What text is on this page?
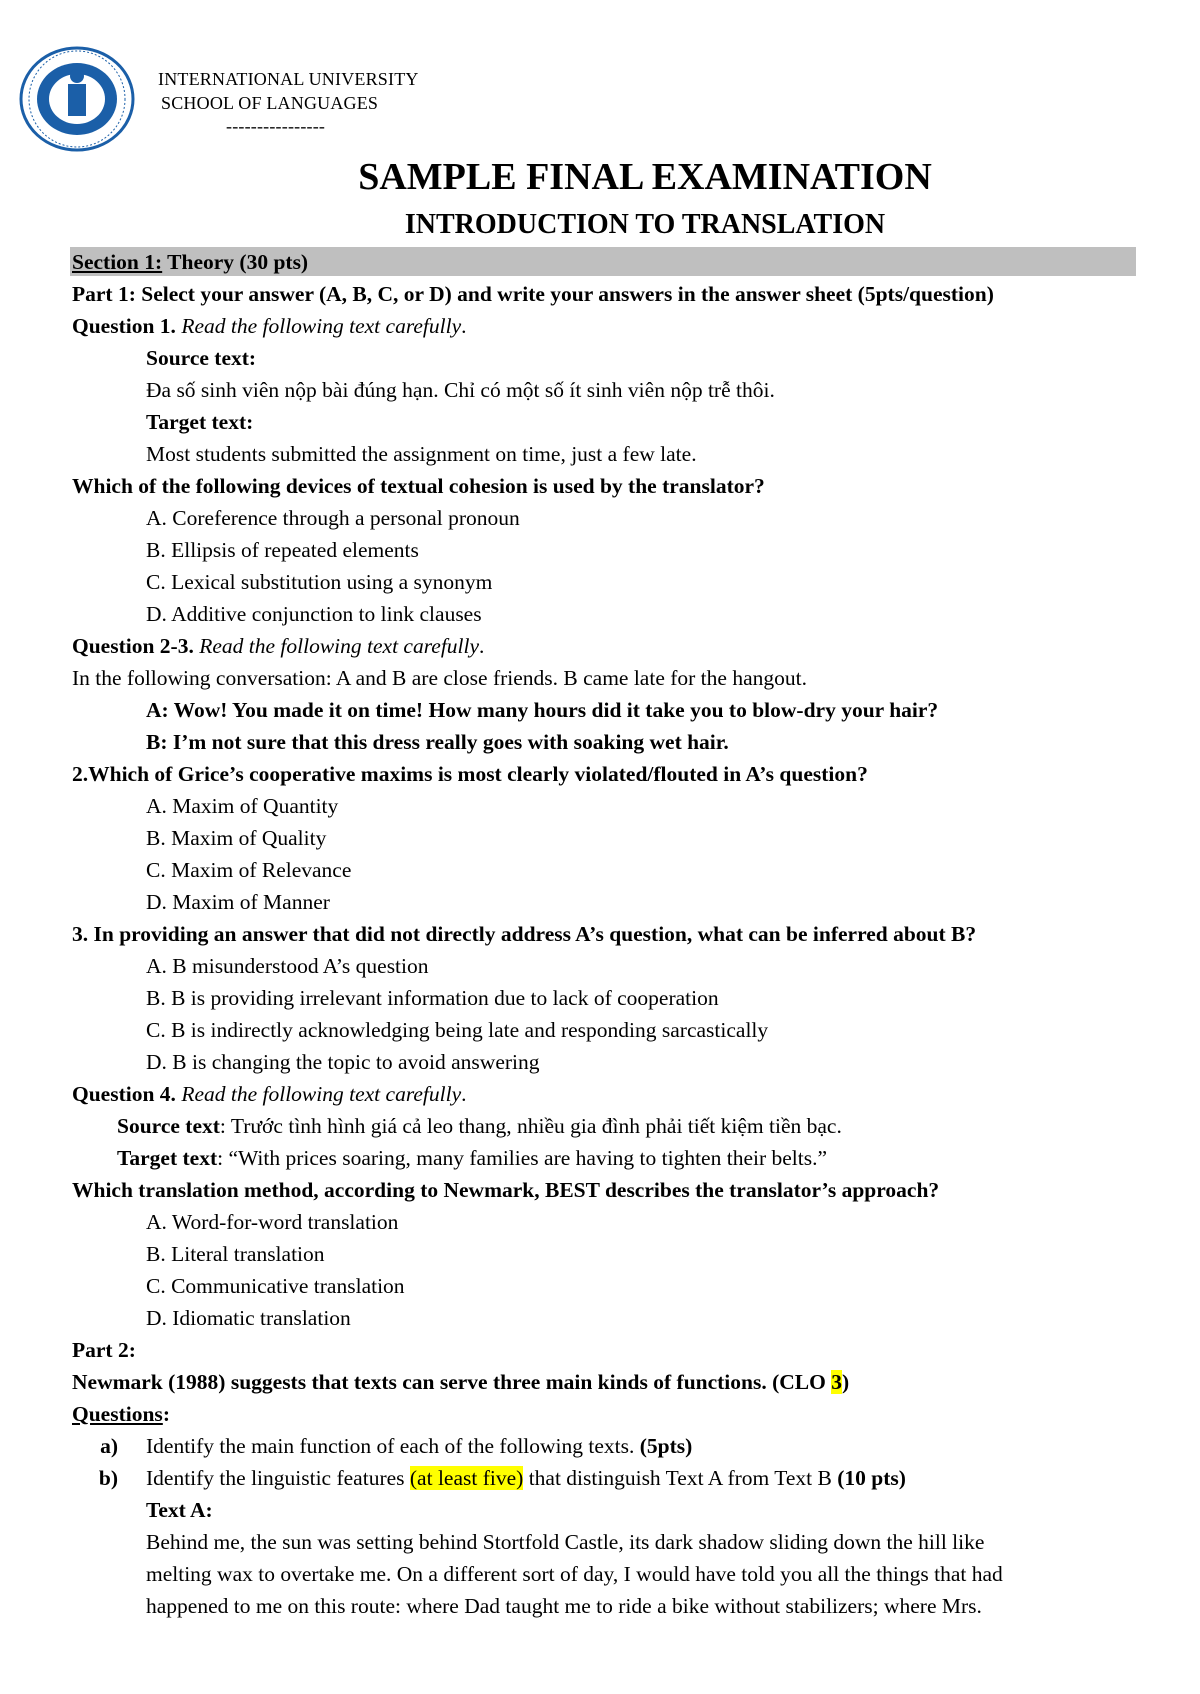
INTERNATIONAL UNIVERSITY
SCHOOL OF LANGUAGES
----------------
SAMPLE FINAL EXAMINATION
INTRODUCTION TO TRANSLATION
Section 1: Theory (30 pts)
Part 1: Select your answer (A, B, C, or D) and write your answers in the answer sheet (5pts/question)
Question 1. Read the following text carefully.
Source text:
Đa số sinh viên nộp bài đúng hạn. Chỉ có một số ít sinh viên nộp trễ thôi.
Target text:
Most students submitted the assignment on time, just a few late.
Which of the following devices of textual cohesion is used by the translator?
A. Coreference through a personal pronoun
B. Ellipsis of repeated elements
C. Lexical substitution using a synonym
D. Additive conjunction to link clauses
Question 2-3. Read the following text carefully.
In the following conversation: A and B are close friends. B came late for the hangout.
A: Wow! You made it on time! How many hours did it take you to blow-dry your hair?
B: I’m not sure that this dress really goes with soaking wet hair.
2.Which of Grice’s cooperative maxims is most clearly violated/flouted in A’s question?
A. Maxim of Quantity
B. Maxim of Quality
C. Maxim of Relevance
D. Maxim of Manner
3. In providing an answer that did not directly address A’s question, what can be inferred about B?
A. B misunderstood A’s question
B. B is providing irrelevant information due to lack of cooperation
C. B is indirectly acknowledging being late and responding sarcastically
D. B is changing the topic to avoid answering
Question 4. Read the following text carefully.
Source text: Trước tình hình giá cả leo thang, nhiều gia đình phải tiết kiệm tiền bạc.
Target text: “With prices soaring, many families are having to tighten their belts.”
Which translation method, according to Newmark, BEST describes the translator’s approach?
A. Word-for-word translation
B. Literal translation
C. Communicative translation
D. Idiomatic translation
Part 2:
Newmark (1988) suggests that texts can serve three main kinds of functions. (CLO 3)
Questions:
a) Identify the main function of each of the following texts. (5pts)
b) Identify the linguistic features (at least five) that distinguish Text A from Text B (10 pts)
Text A:
Behind me, the sun was setting behind Stortfold Castle, its dark shadow sliding down the hill like
melting wax to overtake me. On a different sort of day, I would have told you all the things that had
happened to me on this route: where Dad taught me to ride a bike without stabilizers; where Mrs.
